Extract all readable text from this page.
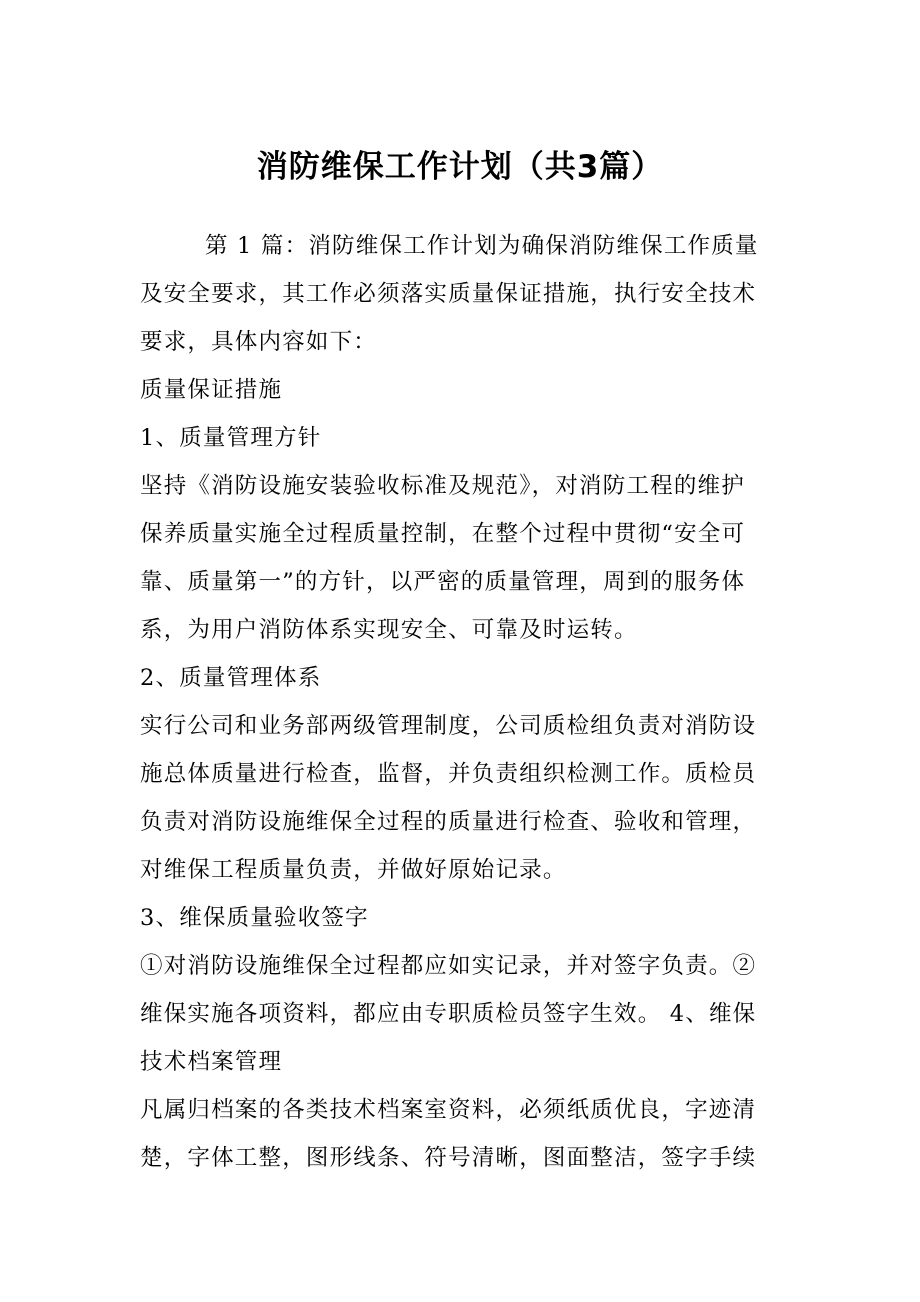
消防维保工作计划（共3篇）

第 1 篇：消防维保工作计划为确保消防维保工作质量

及安全要求，其工作必须落实质量保证措施，执行安全技术

要求，具体内容如下：

质量保证措施

1、质量管理方针

坚持《消防设施安装验收标准及规范》，对消防工程的维护

保养质量实施全过程质量控制，在整个过程中贯彻“安全可

靠、质量第一”的方针，以严密的质量管理，周到的服务体

系，为用户消防体系实现安全、可靠及时运转。

2、质量管理体系

实行公司和业务部两级管理制度，公司质检组负责对消防设

施总体质量进行检查，监督，并负责组织检测工作。质检员

负责对消防设施维保全过程的质量进行检查、验收和管理，

对维保工程质量负责，并做好原始记录。

3、维保质量验收签字

①对消防设施维保全过程都应如实记录，并对签字负责。②

维保实施各项资料，都应由专职质检员签字生效。 4、维保

技术档案管理

凡属归档案的各类技术档案室资料，必须纸质优良，字迹清

楚，字体工整，图形线条、符号清晰，图面整洁，签字手续
